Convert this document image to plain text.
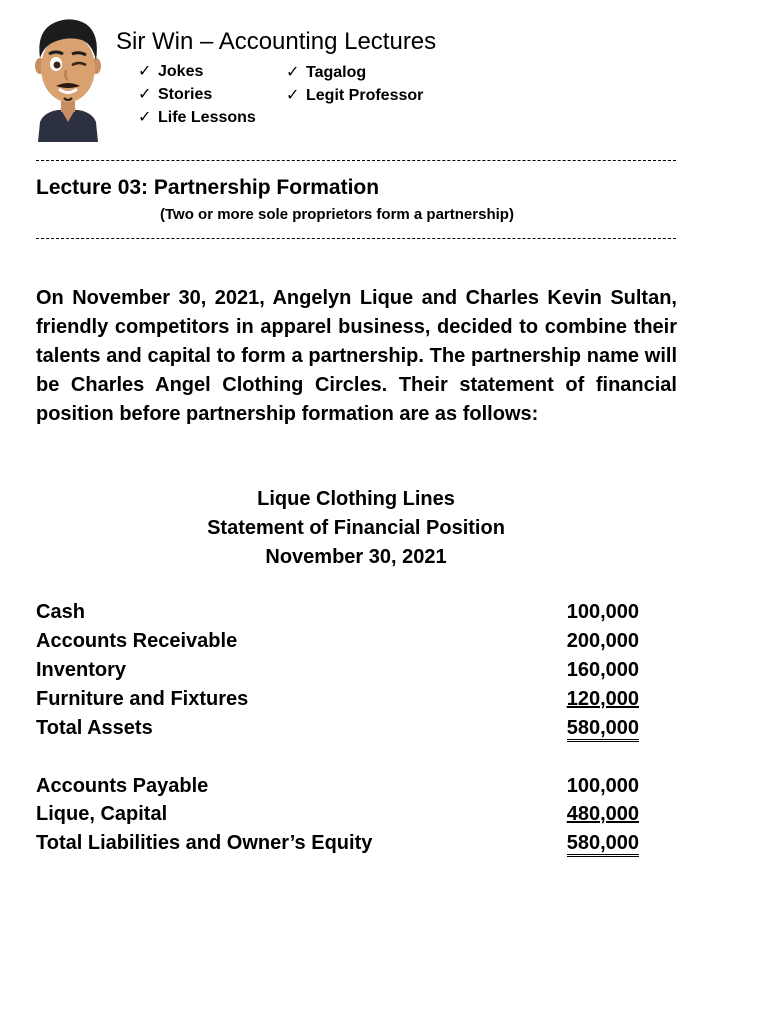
Sir Win – Accounting Lectures
✓ Jokes
✓ Stories
✓ Life Lessons
✓ Tagalog
✓ Legit Professor
Lecture 03: Partnership Formation
(Two or more sole proprietors form a partnership)

On November 30, 2021, Angelyn Lique and Charles Kevin Sultan, friendly competitors in apparel business, decided to combine their talents and capital to form a partnership. The partnership name will be Charles Angel Clothing Circles. Their statement of financial position before partnership formation are as follows:

Lique Clothing Lines
Statement of Financial Position
November 30, 2021
Cash	100,000
Accounts Receivable	200,000
Inventory	160,000
Furniture and Fixtures	120,000
Total Assets	580,000
Accounts Payable	100,000
Lique, Capital	480,000
Total Liabilities and Owner’s Equity	580,000
